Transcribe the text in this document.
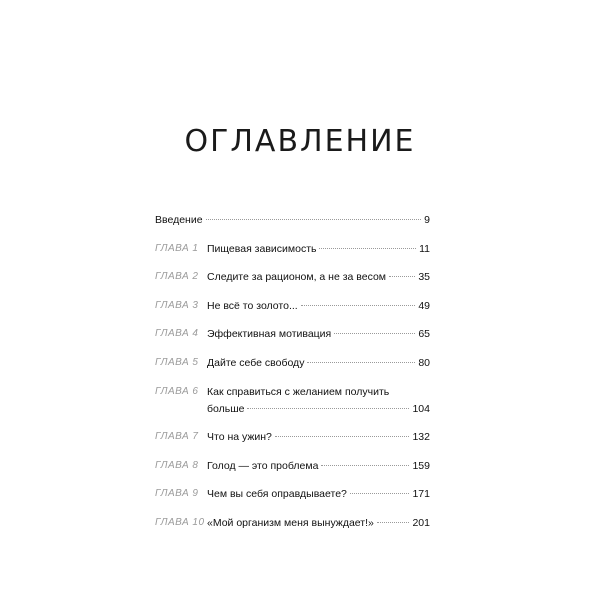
ОГЛАВЛЕНИЕ
Введение	9
ГЛАВА 1 Пищевая зависимость	11
ГЛАВА 2 Следите за рационом, а не за весом	35
ГЛАВА 3 Не всё то золото...	49
ГЛАВА 4 Эффективная мотивация	65
ГЛАВА 5 Дайте себе свободу	80
ГЛАВА 6 Как справиться с желанием получить
больше	104
ГЛАВА 7 Что на ужин?	132
ГЛАВА 8 Голод — это проблема	159
ГЛАВА 9 Чем вы себя оправдываете?	171
ГЛАВА 10 «Мой организм меня вынуждает!»	201
